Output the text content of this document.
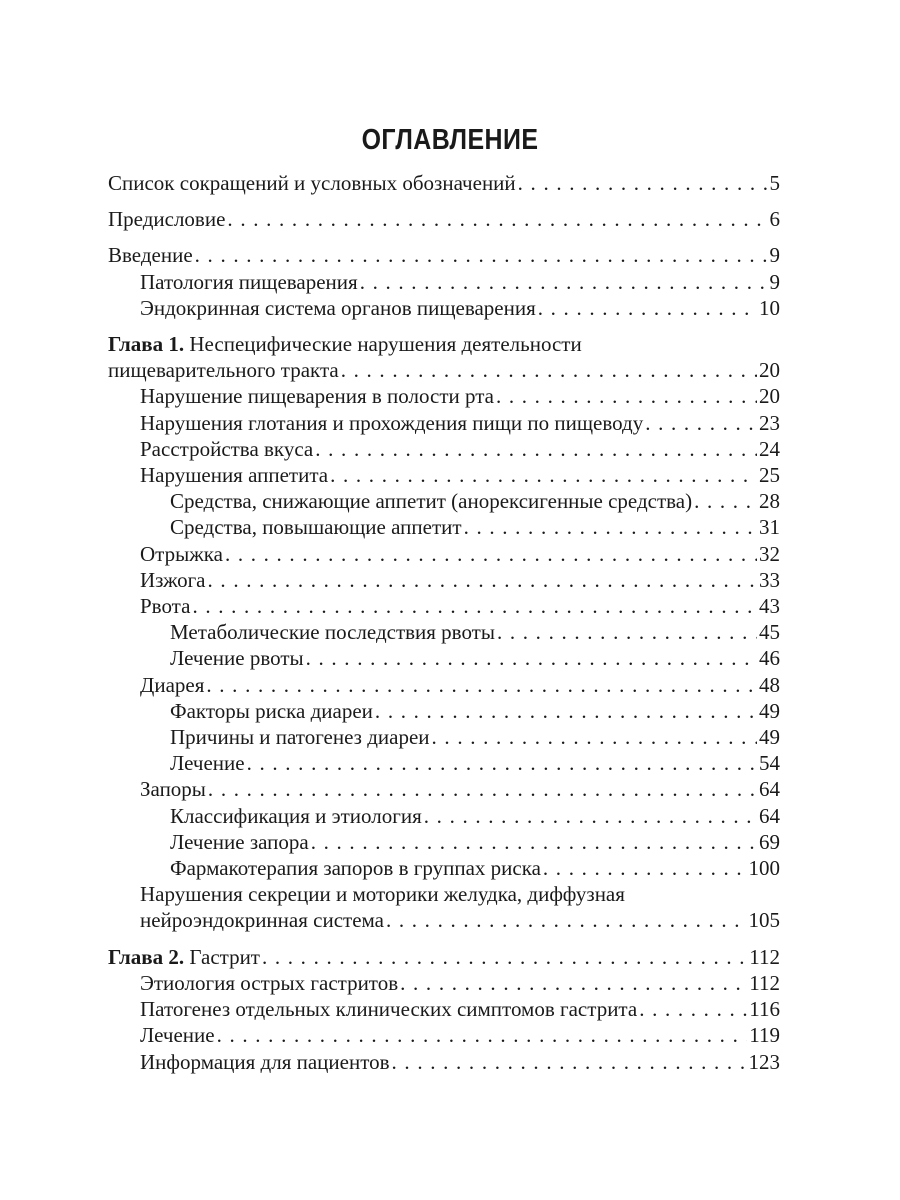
ОГЛАВЛЕНИЕ
Список сокращений и условных обозначений . . .	5
Предисловие . . .	6
Введение . . .	9
Патология пищеварения . . .	9
Эндокринная система органов пищеварения . . .	10
Глава 1. Неспецифические нарушения деятельности
пищеварительного тракта . . .	20
Нарушение пищеварения в полости рта . . .	20
Нарушения глотания и прохождения пищи по пищеводу . . .	23
Расстройства вкуса . . .	24
Нарушения аппетита . . .	25
Средства, снижающие аппетит (анорексигенные средства) . . .	28
Средства, повышающие аппетит . . .	31
Отрыжка . . .	32
Изжога . . .	33
Рвота . . .	43
Метаболические последствия рвоты . . .	45
Лечение рвоты . . .	46
Диарея . . .	48
Факторы риска диареи . . .	49
Причины и патогенез диареи . . .	49
Лечение . . .	54
Запоры . . .	64
Классификация и этиология . . .	64
Лечение запора . . .	69
Фармакотерапия запоров в группах риска . . .	100
Нарушения секреции и моторики желудка, диффузная
нейроэндокринная система . . .	105
Глава 2. Гастрит . . .	112
Этиология острых гастритов . . .	112
Патогенез отдельных клинических симптомов гастрита . . .	116
Лечение . . .	119
Информация для пациентов . . .	123
